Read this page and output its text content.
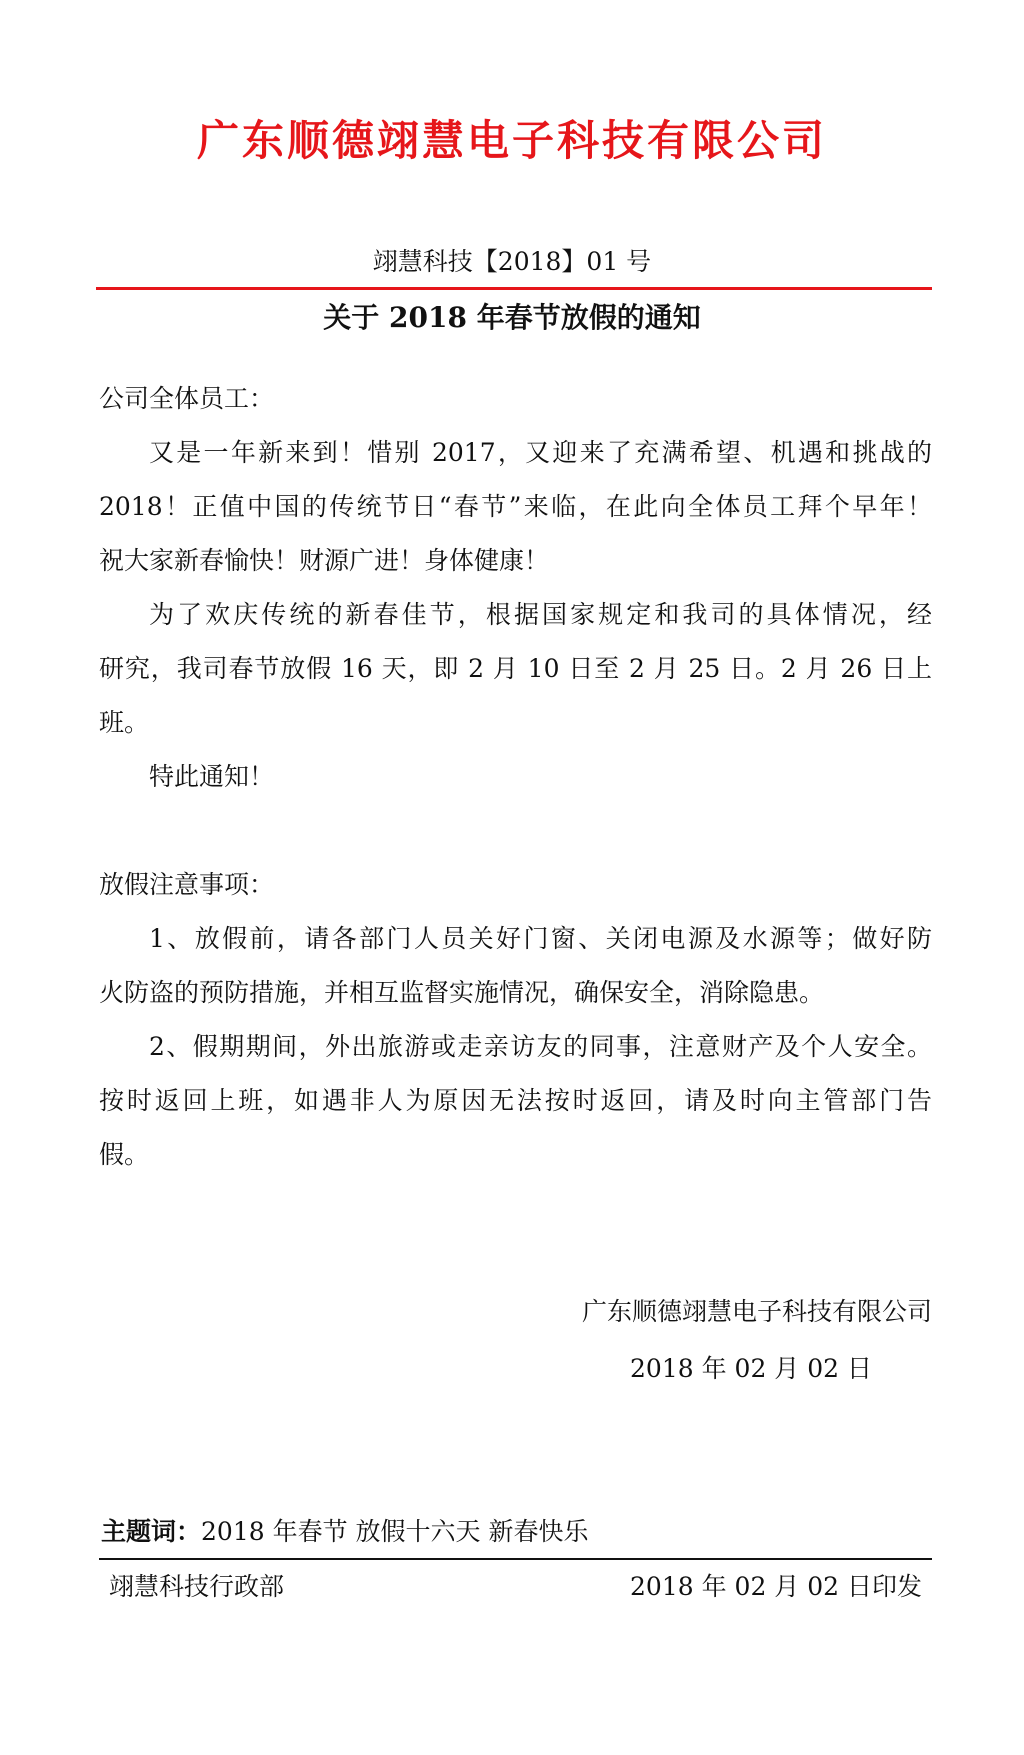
广东顺德翊慧电子科技有限公司
翊慧科技【2018】01 号
关于 2018 年春节放假的通知
公司全体员工：
又是一年新来到！惜别 2017，又迎来了充满希望、机遇和挑战的
2018！正值中国的传统节日“春节”来临，在此向全体员工拜个早年！
祝大家新春愉快！财源广进！身体健康！
为了欢庆传统的新春佳节，根据国家规定和我司的具体情况，经
研究，我司春节放假 16 天，即 2 月 10 日至 2 月 25 日。2 月 26 日上
班。
特此通知！
放假注意事项：
1、放假前，请各部门人员关好门窗、关闭电源及水源等；做好防
火防盗的预防措施，并相互监督实施情况，确保安全，消除隐患。
2、假期期间，外出旅游或走亲访友的同事，注意财产及个人安全。
按时返回上班，如遇非人为原因无法按时返回，请及时向主管部门告
假。
广东顺德翊慧电子科技有限公司
2018 年 02 月 02 日
主题词：2018 年春节 放假十六天 新春快乐
翊慧科技行政部	2018 年 02 月 02 日印发
